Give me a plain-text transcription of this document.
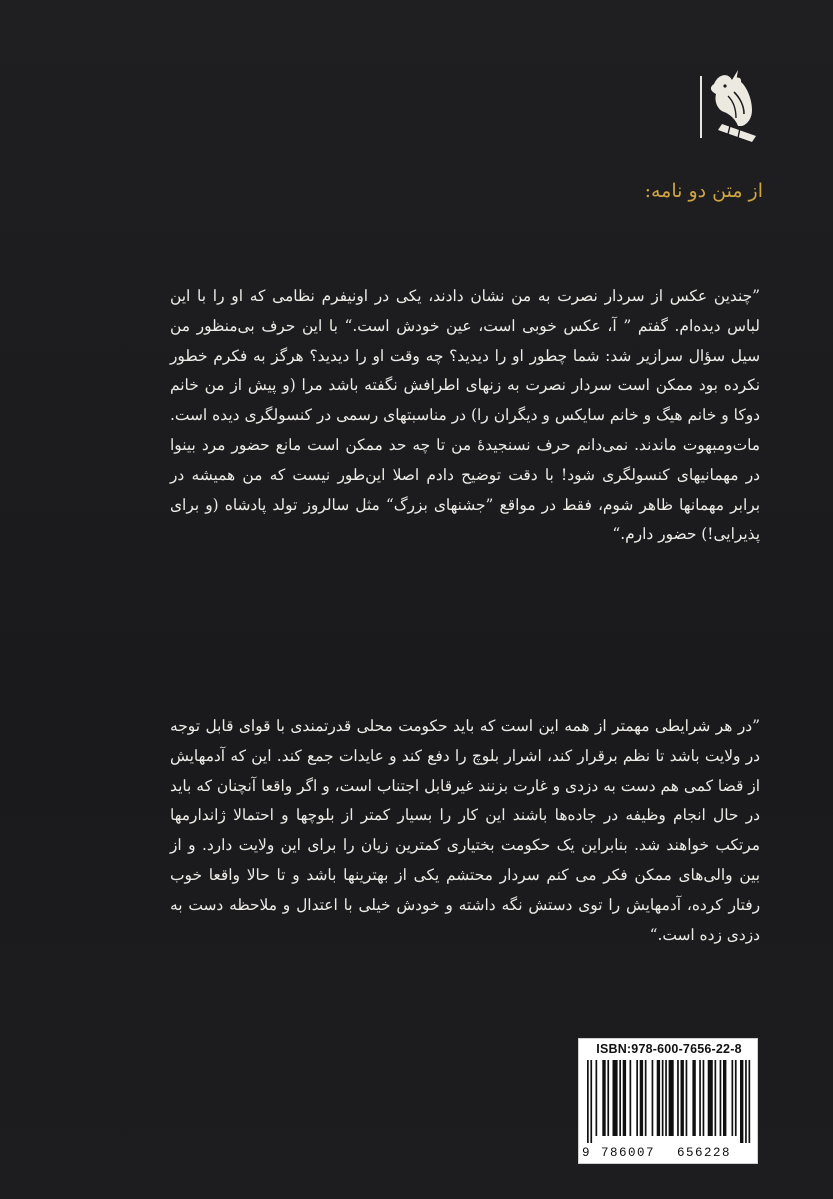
از متن دو نامه:
”چندین عکس از سردار نصرت به من نشان دادند، یکی در اونیفرم نظامی که او را با این لباس دیده‌ام. گفتم ” آ، عکس خوبی است، عین خودش است.“ با این حرف بی‌منظور من سیل سؤال سرازیر شد: شما چطور او را دیدید؟ چه وقت او را دیدید؟ هرگز به فکرم خطور نکرده بود ممکن است سردار نصرت به زنهای اطرافش نگفته باشد مرا (و پیش از من خانم دوکا و خانم هیگ و خانم سایکس و دیگران را) در مناسبتهای رسمی در کنسولگری دیده است. مات‌ومبهوت ماندند. نمی‌دانم حرف نسنجیدهٔ من تا چه حد ممکن است مانع حضور مرد بینوا در مهمانیهای کنسولگری شود! با دقت توضیح دادم اصلا این‌طور نیست که من همیشه در برابر مهمانها ظاهر شوم، فقط در مواقع ”جشنهای بزرگ“ مثل سالروز تولد پادشاه (و برای پذیرایی!) حضور دارم.“
”در هر شرایطی مهمتر از همه این است که باید حکومت محلی قدرتمندی با قوای قابل توجه در ولایت باشد تا نظم برقرار کند، اشرار بلوچ را دفع کند و عایدات جمع کند. این که آدمهایش از قضا کمی هم دست به دزدی و غارت بزنند غیرقابل اجتناب است، و اگر واقعا آنچنان که باید در حال انجام وظیفه در جاده‌ها باشند این کار را بسیار کمتر از بلوچها و احتمالا ژاندارمها مرتکب خواهند شد. بنابراین یک حکومت بختیاری کمترین زیان را برای این ولایت دارد. و از بین والی‌های ممکن فکر می کنم سردار محتشم یکی از بهترینها باشد و تا حالا واقعا خوب رفتار کرده، آدمهایش را توی دستش نگه داشته و خودش خیلی با اعتدال و ملاحظه دست به دزدی زده است.“
ISBN:978-600-7656-22-8
9 786007 656228
